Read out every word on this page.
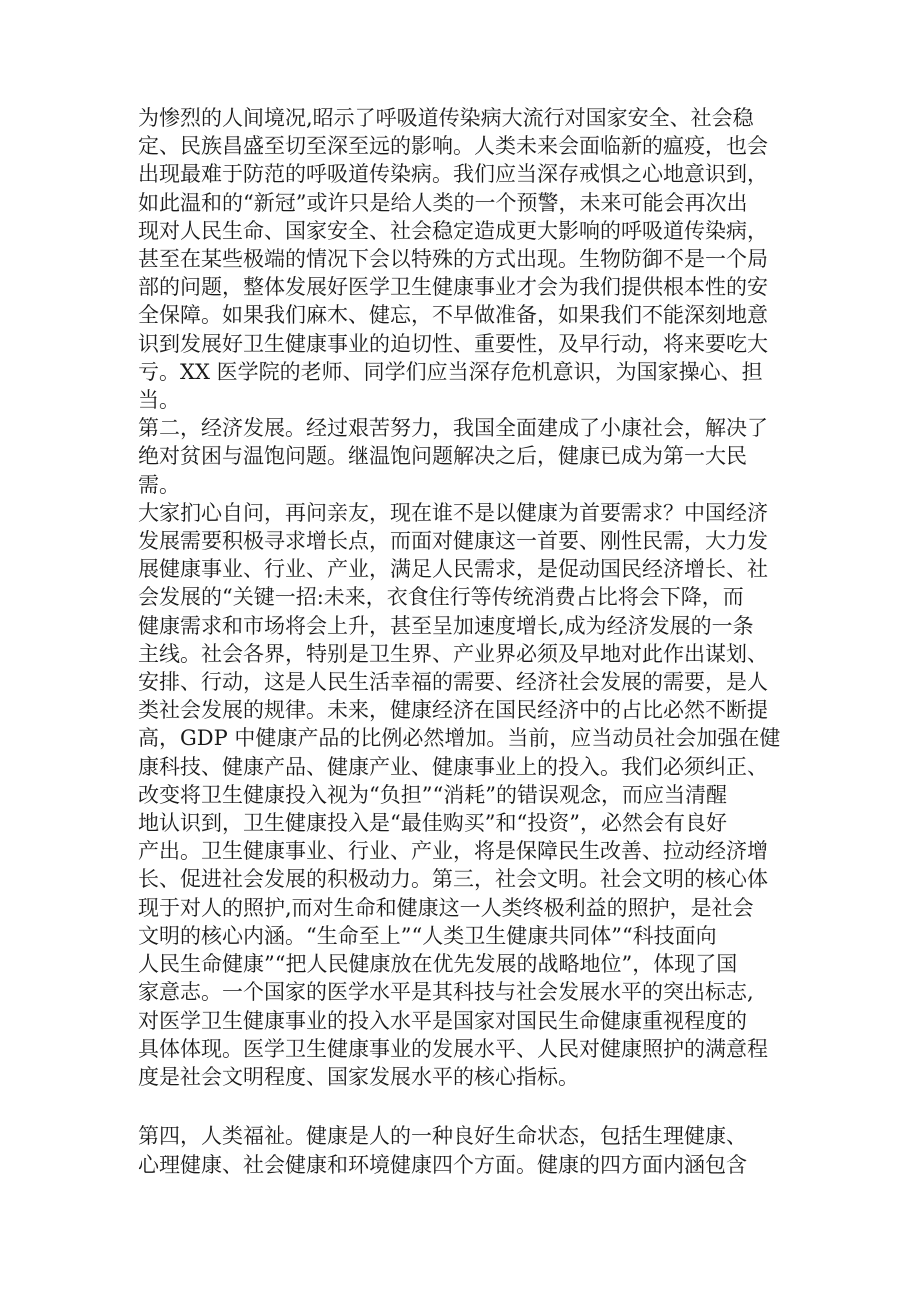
为惨烈的人间境况,昭示了呼吸道传染病大流行对国家安全、社会稳
定、民族昌盛至切至深至远的影响。人类未来会面临新的瘟疫，也会
出现最难于防范的呼吸道传染病。我们应当深存戒惧之心地意识到，
如此温和的“新冠”或许只是给人类的一个预警，未来可能会再次出
现对人民生命、国家安全、社会稳定造成更大影响的呼吸道传染病，
甚至在某些极端的情况下会以特殊的方式出现。生物防御不是一个局
部的问题，整体发展好医学卫生健康事业才会为我们提供根本性的安
全保障。如果我们麻木、健忘，不早做准备，如果我们不能深刻地意
识到发展好卫生健康事业的迫切性、重要性，及早行动，将来要吃大
亏。XX 医学院的老师、同学们应当深存危机意识，为国家操心、担当。
第二，经济发展。经过艰苦努力，我国全面建成了小康社会，解决了
绝对贫困与温饱问题。继温饱问题解决之后，健康已成为第一大民需。
大家扪心自问，再问亲友，现在谁不是以健康为首要需求？中国经济
发展需要积极寻求增长点，而面对健康这一首要、刚性民需，大力发
展健康事业、行业、产业，满足人民需求，是促动国民经济增长、社
会发展的“关键一招:未来，衣食住行等传统消费占比将会下降，而
健康需求和市场将会上升，甚至呈加速度增长,成为经济发展的一条
主线。社会各界，特别是卫生界、产业界必须及早地对此作出谋划、
安排、行动，这是人民生活幸福的需要、经济社会发展的需要，是人
类社会发展的规律。未来，健康经济在国民经济中的占比必然不断提
高，GDP 中健康产品的比例必然增加。当前，应当动员社会加强在健
康科技、健康产品、健康产业、健康事业上的投入。我们必须纠正、
改变将卫生健康投入视为“负担”“消耗”的错误观念，而应当清醒
地认识到，卫生健康投入是“最佳购买”和“投资”，必然会有良好
产出。卫生健康事业、行业、产业，将是保障民生改善、拉动经济增
长、促进社会发展的积极动力。第三，社会文明。社会文明的核心体
现于对人的照护,而对生命和健康这一人类终极利益的照护，是社会
文明的核心内涵。“生命至上”“人类卫生健康共同体”“科技面向
人民生命健康”“把人民健康放在优先发展的战略地位”，体现了国
家意志。一个国家的医学水平是其科技与社会发展水平的突出标志,
对医学卫生健康事业的投入水平是国家对国民生命健康重视程度的
具体体现。医学卫生健康事业的发展水平、人民对健康照护的满意程
度是社会文明程度、国家发展水平的核心指标。

第四，人类福祉。健康是人的一种良好生命状态，包括生理健康、
心理健康、社会健康和环境健康四个方面。健康的四方面内涵包含
